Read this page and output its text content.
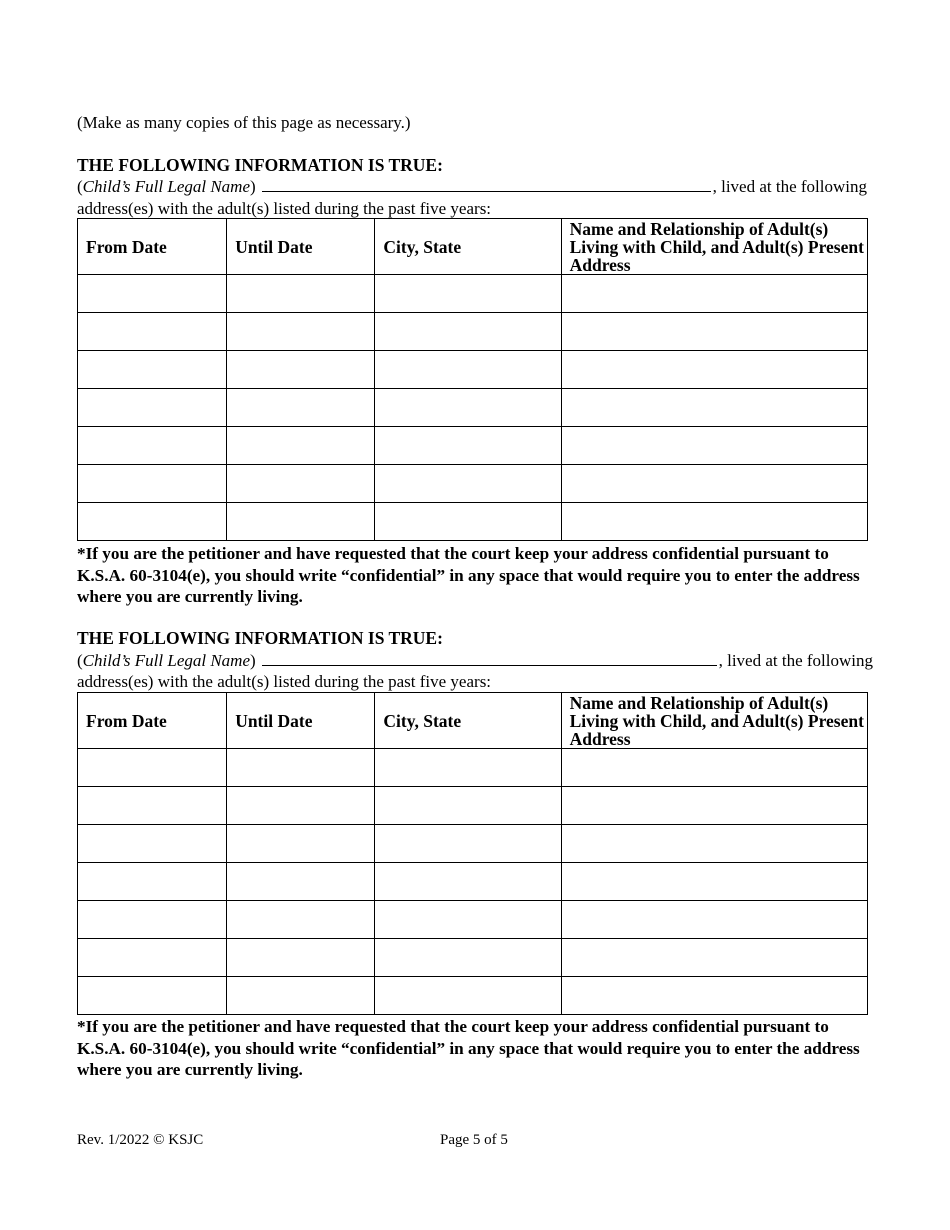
(Make as many copies of this page as necessary.)
THE FOLLOWING INFORMATION IS TRUE:
( Child’s Full Legal Name )	, lived at the following
address(es) with the adult(s) listed during the past five years:
From Date	Until Date	City, State	Name and Relationship of Adult(s) Living with Child, and Adult(s) Present Address

*If you are the petitioner and have requested that the court keep your address confidential pursuant to K.S.A. 60-3104(e), you should write “confidential” in any space that would require you to enter the address where you are currently living.
THE FOLLOWING INFORMATION IS TRUE:
( Child’s Full Legal Name )	, lived at the following
address(es) with the adult(s) listed during the past five years:
From Date	Until Date	City, State	Name and Relationship of Adult(s) Living with Child, and Adult(s) Present Address

*If you are the petitioner and have requested that the court keep your address confidential pursuant to K.S.A. 60-3104(e), you should write “confidential” in any space that would require you to enter the address where you are currently living.
Rev. 1/2022 © KSJC	Page 5 of 5
